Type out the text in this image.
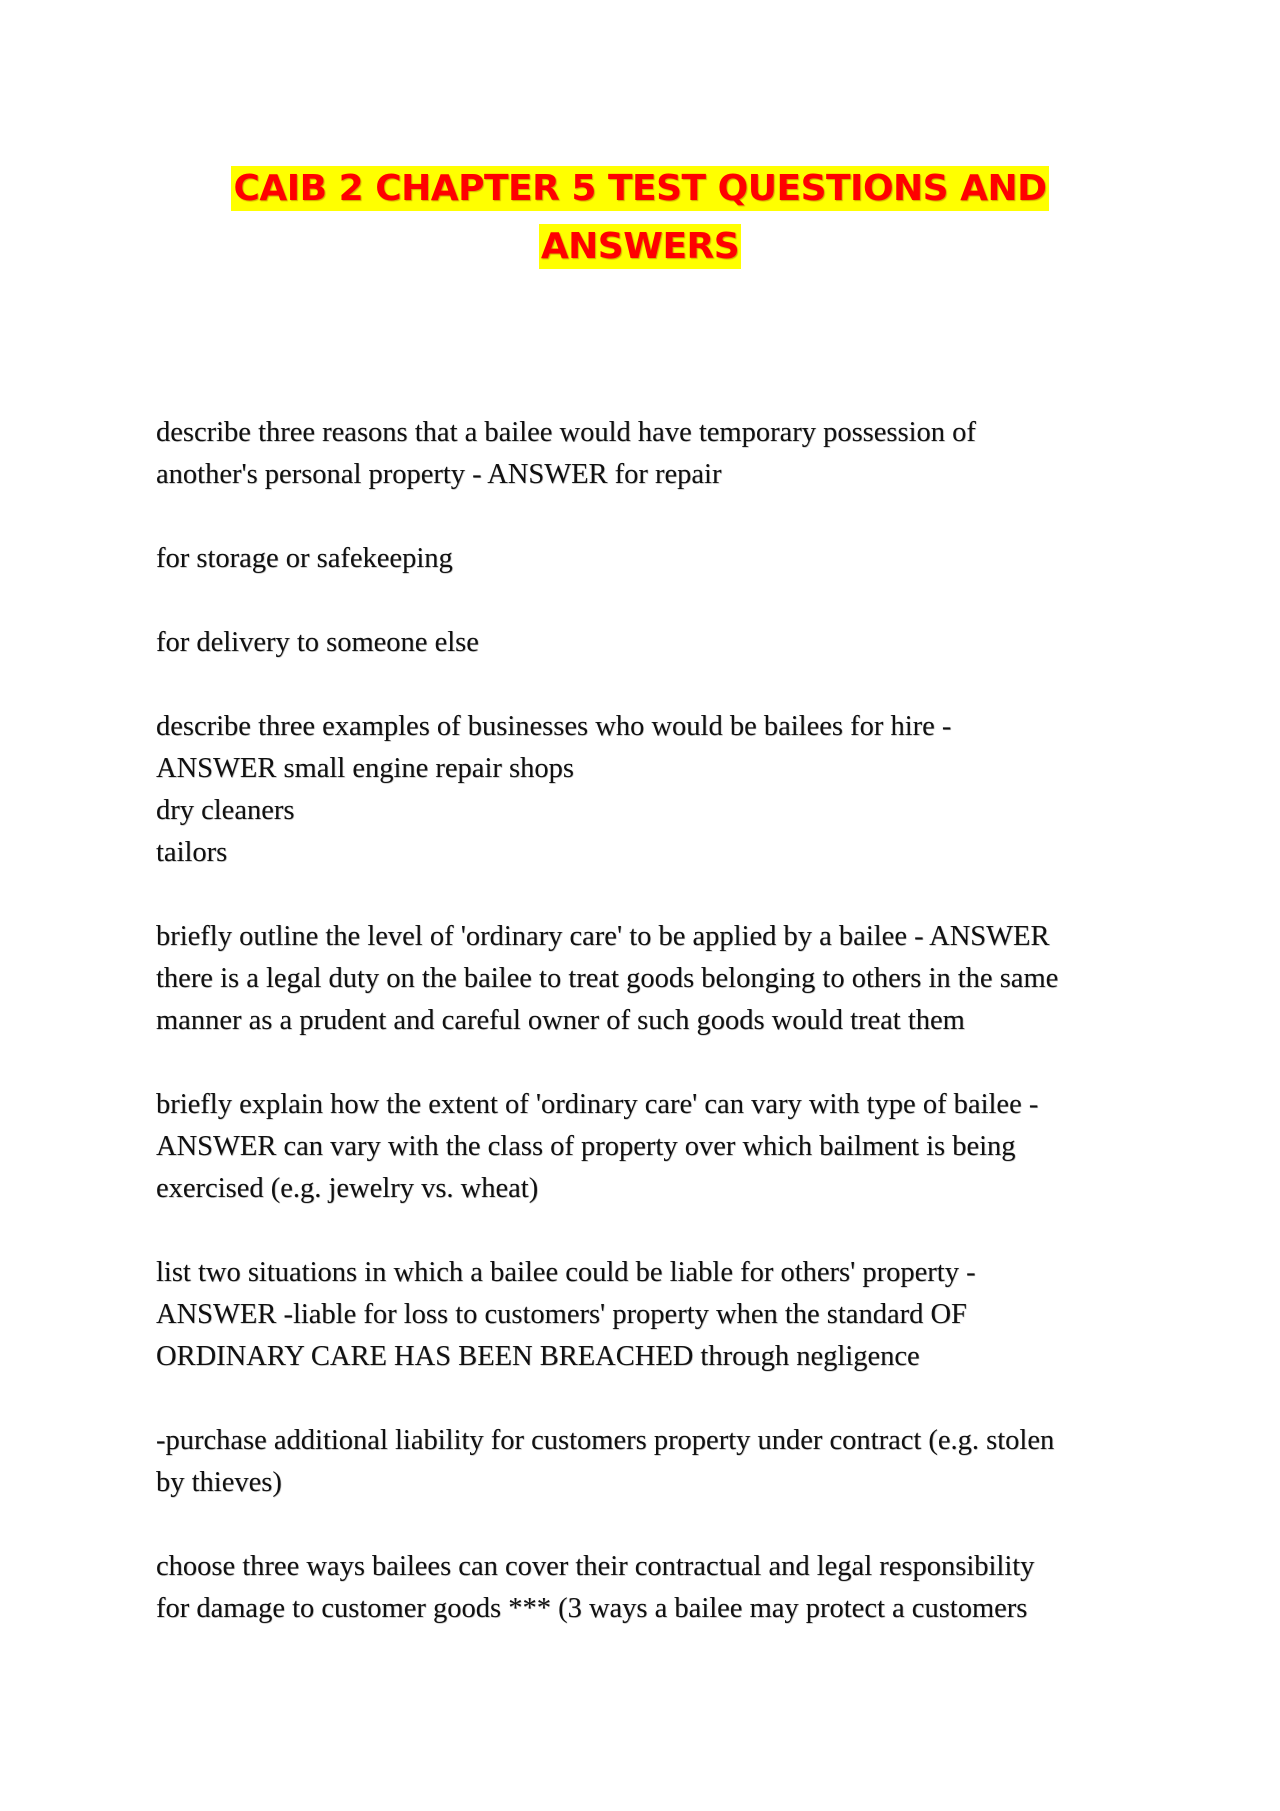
CAIB 2 CHAPTER 5 TEST QUESTIONS AND
ANSWERS

describe three reasons that a bailee would have temporary possession of
another's personal property - ANSWER for repair

for storage or safekeeping

for delivery to someone else

describe three examples of businesses who would be bailees for hire -
ANSWER small engine repair shops
dry cleaners
tailors

briefly outline the level of 'ordinary care' to be applied by a bailee - ANSWER
there is a legal duty on the bailee to treat goods belonging to others in the same
manner as a prudent and careful owner of such goods would treat them

briefly explain how the extent of 'ordinary care' can vary with type of bailee -
ANSWER can vary with the class of property over which bailment is being
exercised (e.g. jewelry vs. wheat)

list two situations in which a bailee could be liable for others' property -
ANSWER -liable for loss to customers' property when the standard OF
ORDINARY CARE HAS BEEN BREACHED through negligence

-purchase additional liability for customers property under contract (e.g. stolen
by thieves)

choose three ways bailees can cover their contractual and legal responsibility
for damage to customer goods *** (3 ways a bailee may protect a customers
